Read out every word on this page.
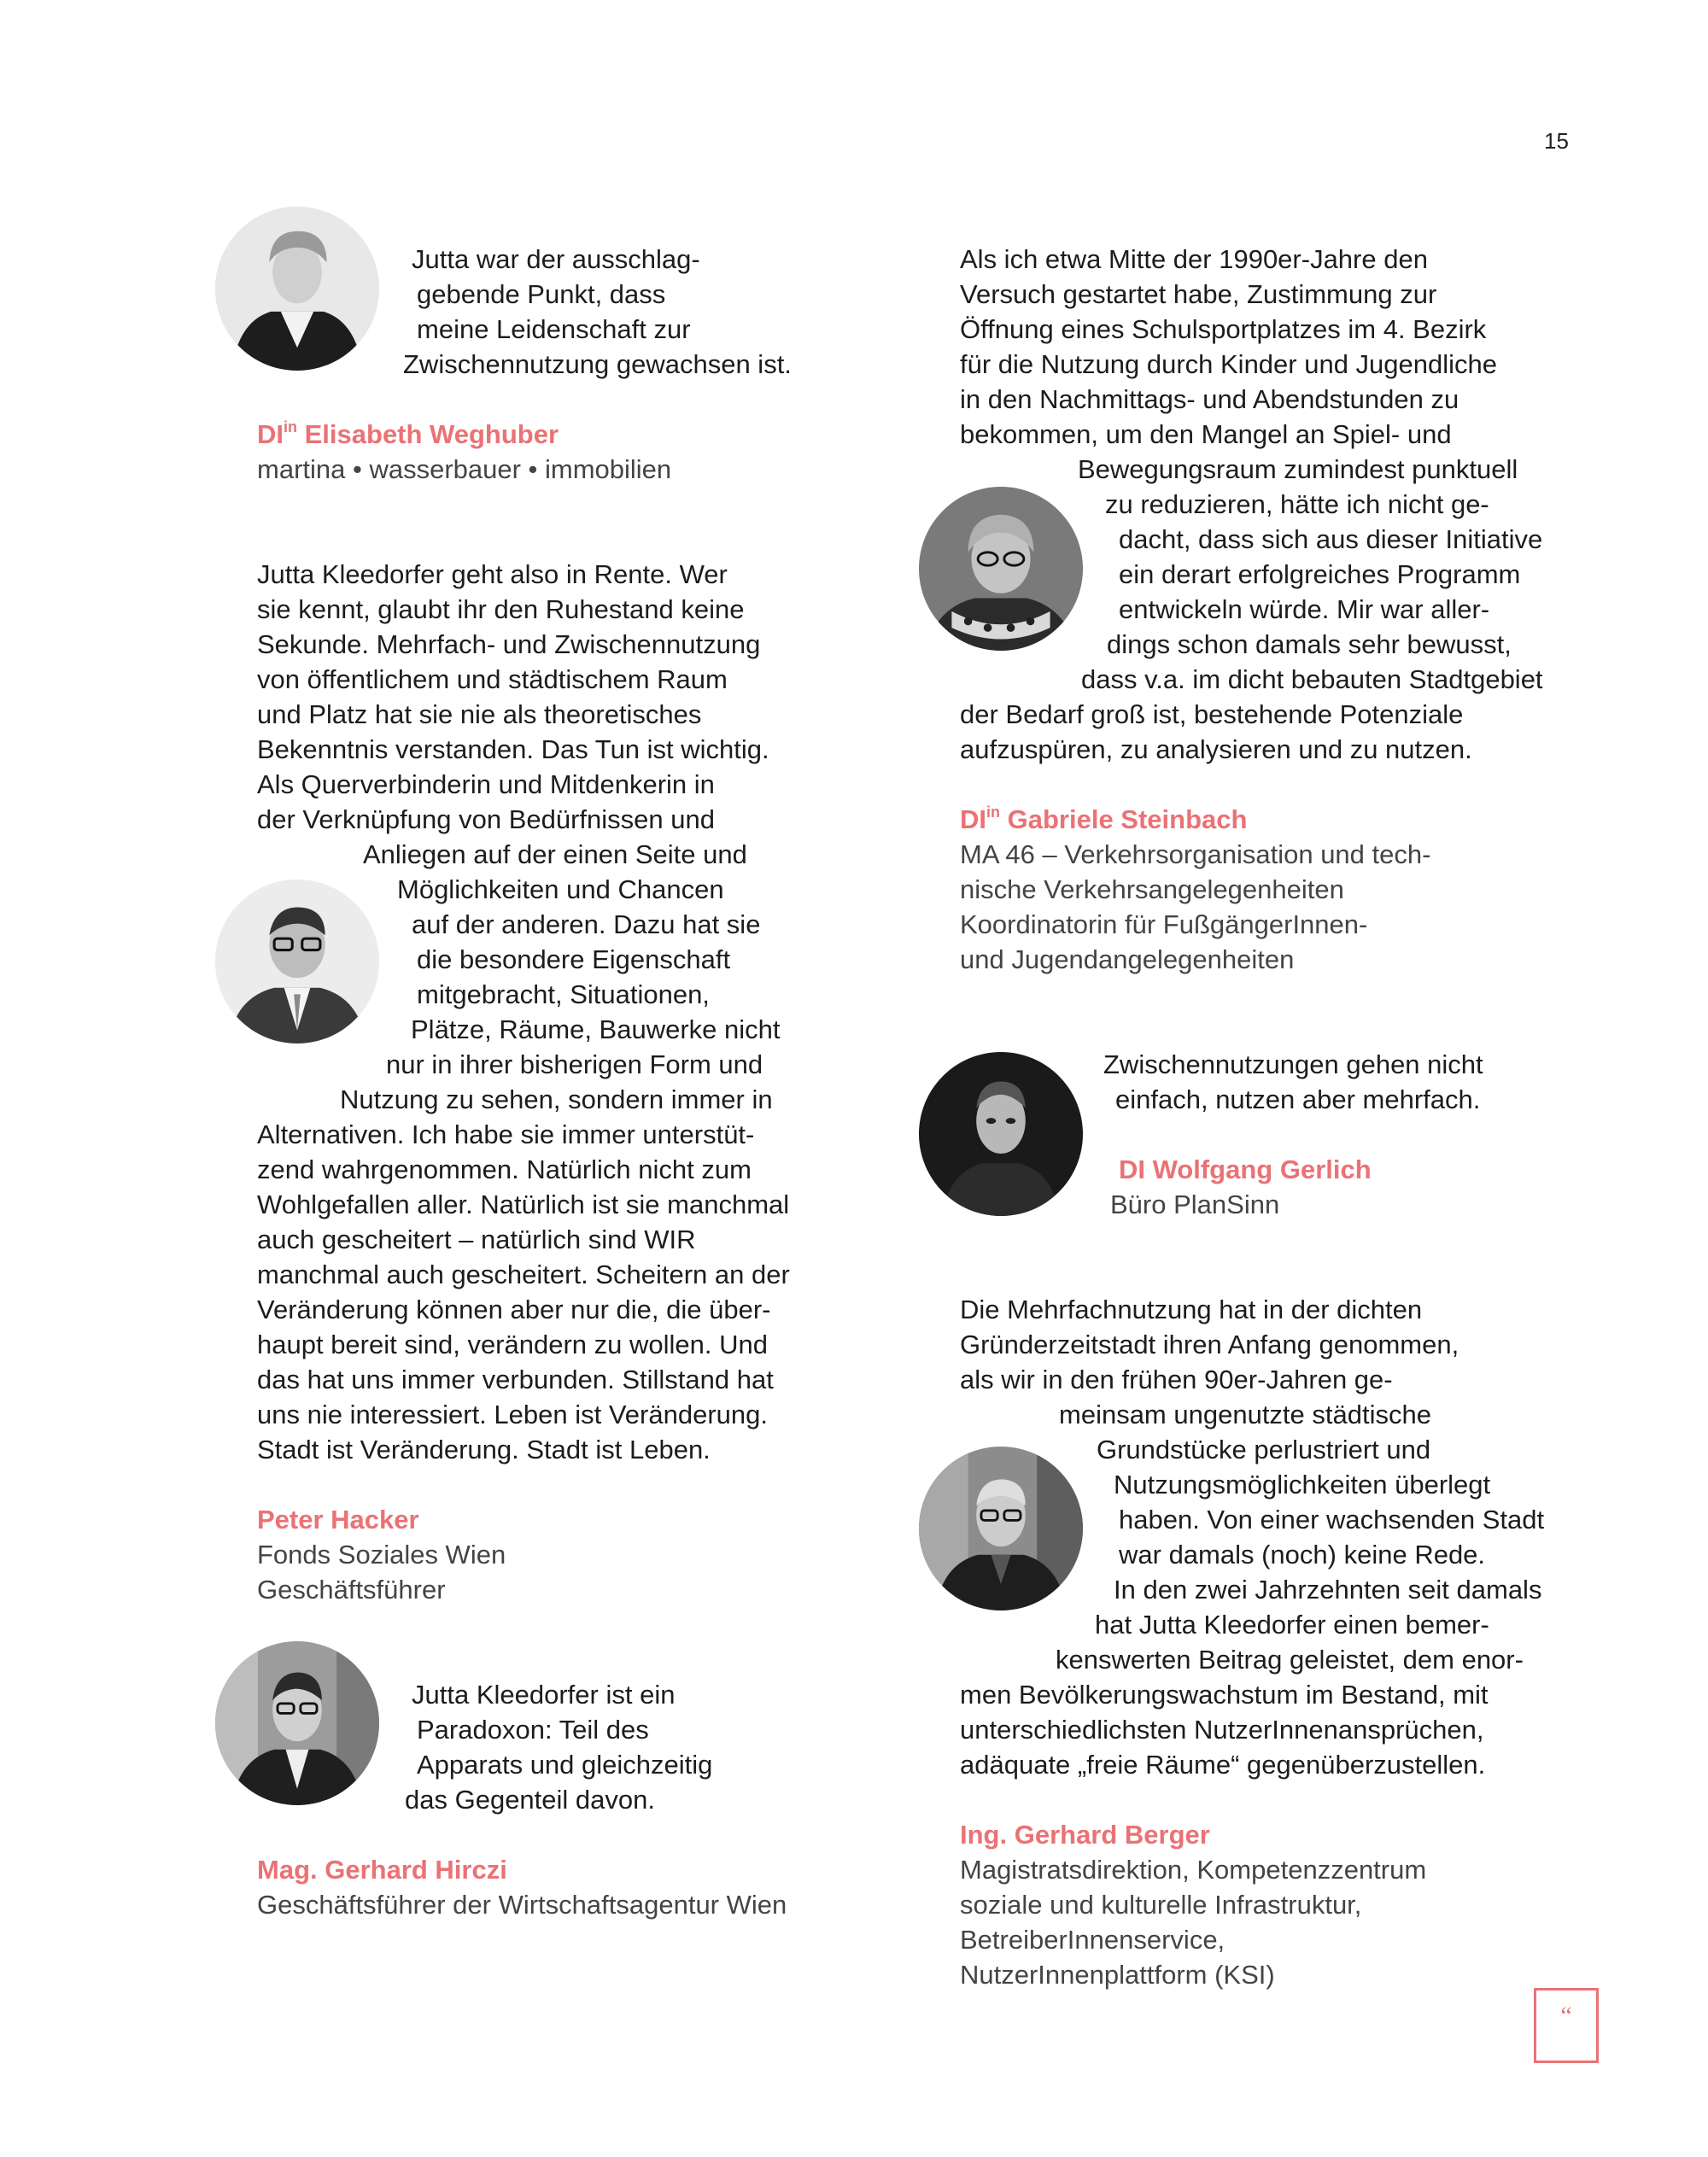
15
Jutta war der ausschlag-
gebende Punkt, dass
meine Leidenschaft zur
Zwischennutzung gewachsen ist.
$DI^{in}$ Elisabeth Weghuber
martina • wasserbauer • immobilien
Jutta Kleedorfer geht also in Rente. Wer
sie kennt, glaubt ihr den Ruhestand keine
Sekunde. Mehrfach- und Zwischennutzung
von öffentlichem und städtischem Raum
und Platz hat sie nie als theoretisches
Bekenntnis verstanden. Das Tun ist wichtig.
Als Querverbinderin und Mitdenkerin in
der Verknüpfung von Bedürfnissen und
Anliegen auf der einen Seite und
Möglichkeiten und Chancen
auf der anderen. Dazu hat sie
die besondere Eigenschaft
mitgebracht, Situationen,
Plätze, Räume, Bauwerke nicht
nur in ihrer bisherigen Form und
Nutzung zu sehen, sondern immer in
Alternativen. Ich habe sie immer unterstüt-
zend wahrgenommen. Natürlich nicht zum
Wohlgefallen aller. Natürlich ist sie manchmal
auch gescheitert – natürlich sind WIR
manchmal auch gescheitert. Scheitern an der
Veränderung können aber nur die, die über-
haupt bereit sind, verändern zu wollen. Und
das hat uns immer verbunden. Stillstand hat
uns nie interessiert. Leben ist Veränderung.
Stadt ist Veränderung. Stadt ist Leben.
Peter Hacker
Fonds Soziales Wien
Geschäftsführer
Jutta Kleedorfer ist ein
Paradoxon: Teil des
Apparats und gleichzeitig
das Gegenteil davon.
Mag. Gerhard Hirczi
Geschäftsführer der Wirtschaftsagentur Wien
Als ich etwa Mitte der 1990er-Jahre den
Versuch gestartet habe, Zustimmung zur
Öffnung eines Schulsportplatzes im 4. Bezirk
für die Nutzung durch Kinder und Jugendliche
in den Nachmittags- und Abendstunden zu
bekommen, um den Mangel an Spiel- und
Bewegungsraum zumindest punktuell
zu reduzieren, hätte ich nicht ge-
dacht, dass sich aus dieser Initiative
ein derart erfolgreiches Programm
entwickeln würde. Mir war aller-
dings schon damals sehr bewusst,
dass v.a. im dicht bebauten Stadtgebiet
der Bedarf groß ist, bestehende Potenziale
aufzuspüren, zu analysieren und zu nutzen.
$DI^{in}$ Gabriele Steinbach
MA 46 – Verkehrsorganisation und tech-
nische Verkehrsangelegenheiten
Koordinatorin für FußgängerInnen-
und Jugendangelegenheiten
Zwischennutzungen gehen nicht
einfach, nutzen aber mehrfach.
DI Wolfgang Gerlich
Büro PlanSinn
Die Mehrfachnutzung hat in der dichten
Gründerzeitstadt ihren Anfang genommen,
als wir in den frühen 90er-Jahren ge-
meinsam ungenutzte städtische
Grundstücke perlustriert und
Nutzungsmöglichkeiten überlegt
haben. Von einer wachsenden Stadt
war damals (noch) keine Rede.
In den zwei Jahrzehnten seit damals
hat Jutta Kleedorfer einen bemer-
kenswerten Beitrag geleistet, dem enor-
men Bevölkerungswachstum im Bestand, mit
unterschiedlichsten NutzerInnenansprüchen,
adäquate „freie Räume“ gegenüberzustellen.
Ing. Gerhard Berger
Magistratsdirektion, Kompetenzzentrum
soziale und kulturelle Infrastruktur,
BetreiberInnenservice,
NutzerInnenplattform (KSI)
“
